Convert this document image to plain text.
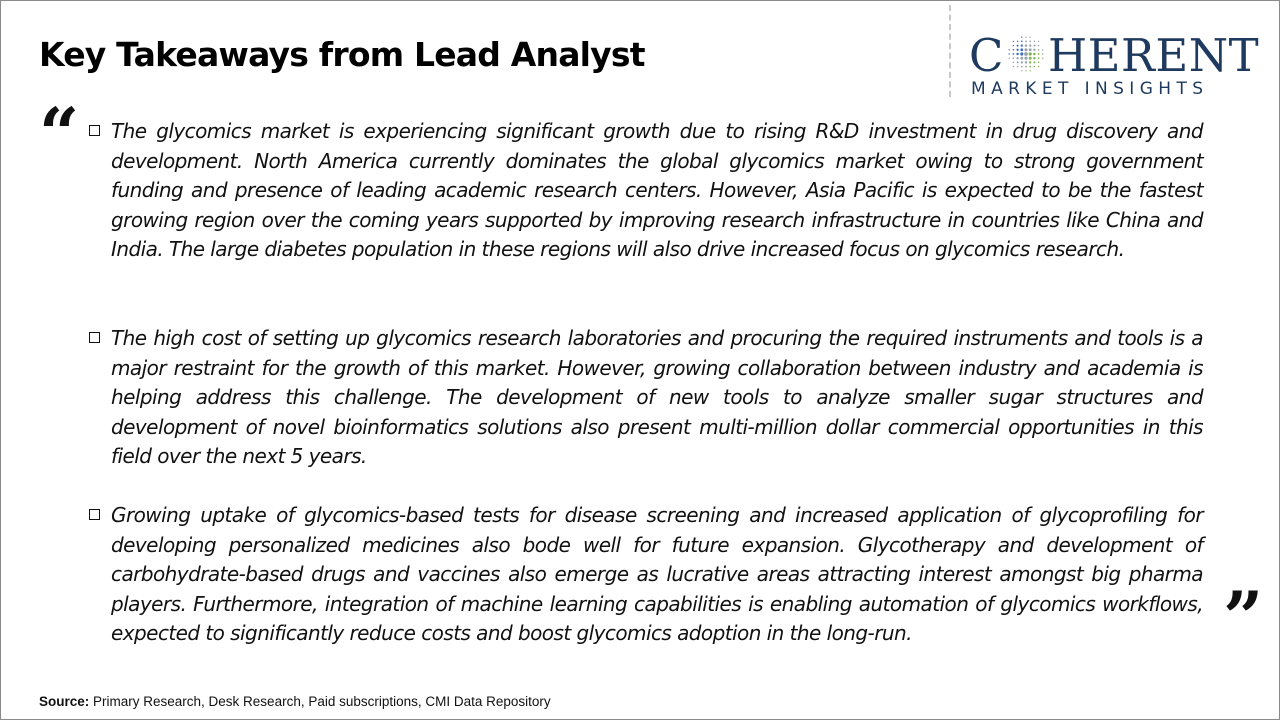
Key Takeaways from Lead Analyst	C HERENT
MARKET INSIGHTS
“ The glycomics market is experiencing significant growth due to rising R&D investment in drug discovery and development. North America currently dominates the global glycomics market owing to strong government funding and presence of leading academic research centers. However, Asia Pacific is expected to be the fastest growing region over the coming years supported by improving research infrastructure in countries like China and India. The large diabetes population in these regions will also drive increased focus on glycomics research.

The high cost of setting up glycomics research laboratories and procuring the required instruments and tools is a major restraint for the growth of this market. However, growing collaboration between industry and academia is helping address this challenge. The development of new tools to analyze smaller sugar structures and development of novel bioinformatics solutions also present multi-million dollar commercial opportunities in this field over the next 5 years.

Growing uptake of glycomics-based tests for disease screening and increased application of glycoprofiling for developing personalized medicines also bode well for future expansion. Glycotherapy and development of carbohydrate-based drugs and vaccines also emerge as lucrative areas attracting interest amongst big pharma players. Furthermore, integration of machine learning capabilities is enabling automation of glycomics workflows, expected to significantly reduce costs and boost glycomics adoption in the long-run.	”
Source: Primary Research, Desk Research, Paid subscriptions, CMI Data Repository
